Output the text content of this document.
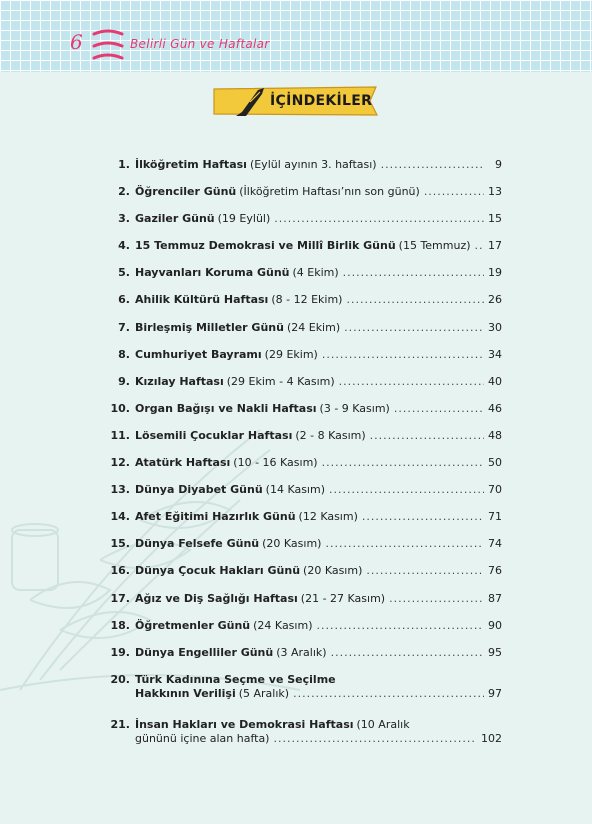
6	Belirli Gün ve Haftalar
İÇİNDEKİLER
1. İlköğretim Haftası (Eylül ayının 3. haftası) .....	9
2. Öğrenciler Günü (İlköğretim Haftası’nın son günü) .....	13
3. Gaziler Günü (19 Eylül) .....	15
4. 15 Temmuz Demokrasi ve Millî Birlik Günü (15 Temmuz) ..... 17
5. Hayvanları Koruma Günü (4 Ekim) .....	19
6. Ahilik Kültürü Haftası (8 - 12 Ekim) .....	26
7. Birleşmiş Milletler Günü (24 Ekim) .....	30
8. Cumhuriyet Bayramı (29 Ekim) .....	34
9. Kızılay Haftası (29 Ekim - 4 Kasım) .....	40
10. Organ Bağışı ve Nakli Haftası (3 - 9 Kasım) .....	46
11. Lösemili Çocuklar Haftası (2 - 8 Kasım) .....	48
12. Atatürk Haftası (10 - 16 Kasım) .....	50
13. Dünya Diyabet Günü (14 Kasım) .....	70
14. Afet Eğitimi Hazırlık Günü (12 Kasım) .....	71
15. Dünya Felsefe Günü (20 Kasım) .....	74
16. Dünya Çocuk Hakları Günü (20 Kasım) .....	76
17. Ağız ve Diş Sağlığı Haftası (21 - 27 Kasım) .....	87
18. Öğretmenler Günü (24 Kasım) .....	90
19. Dünya Engelliler Günü (3 Aralık) .....	95
20. Türk Kadınına Seçme ve Seçilme
Hakkının Verilişi (5 Aralık) .....	97
21. İnsan Hakları ve Demokrasi Haftası (10 Aralık
gününü içine alan hafta) .....	102
